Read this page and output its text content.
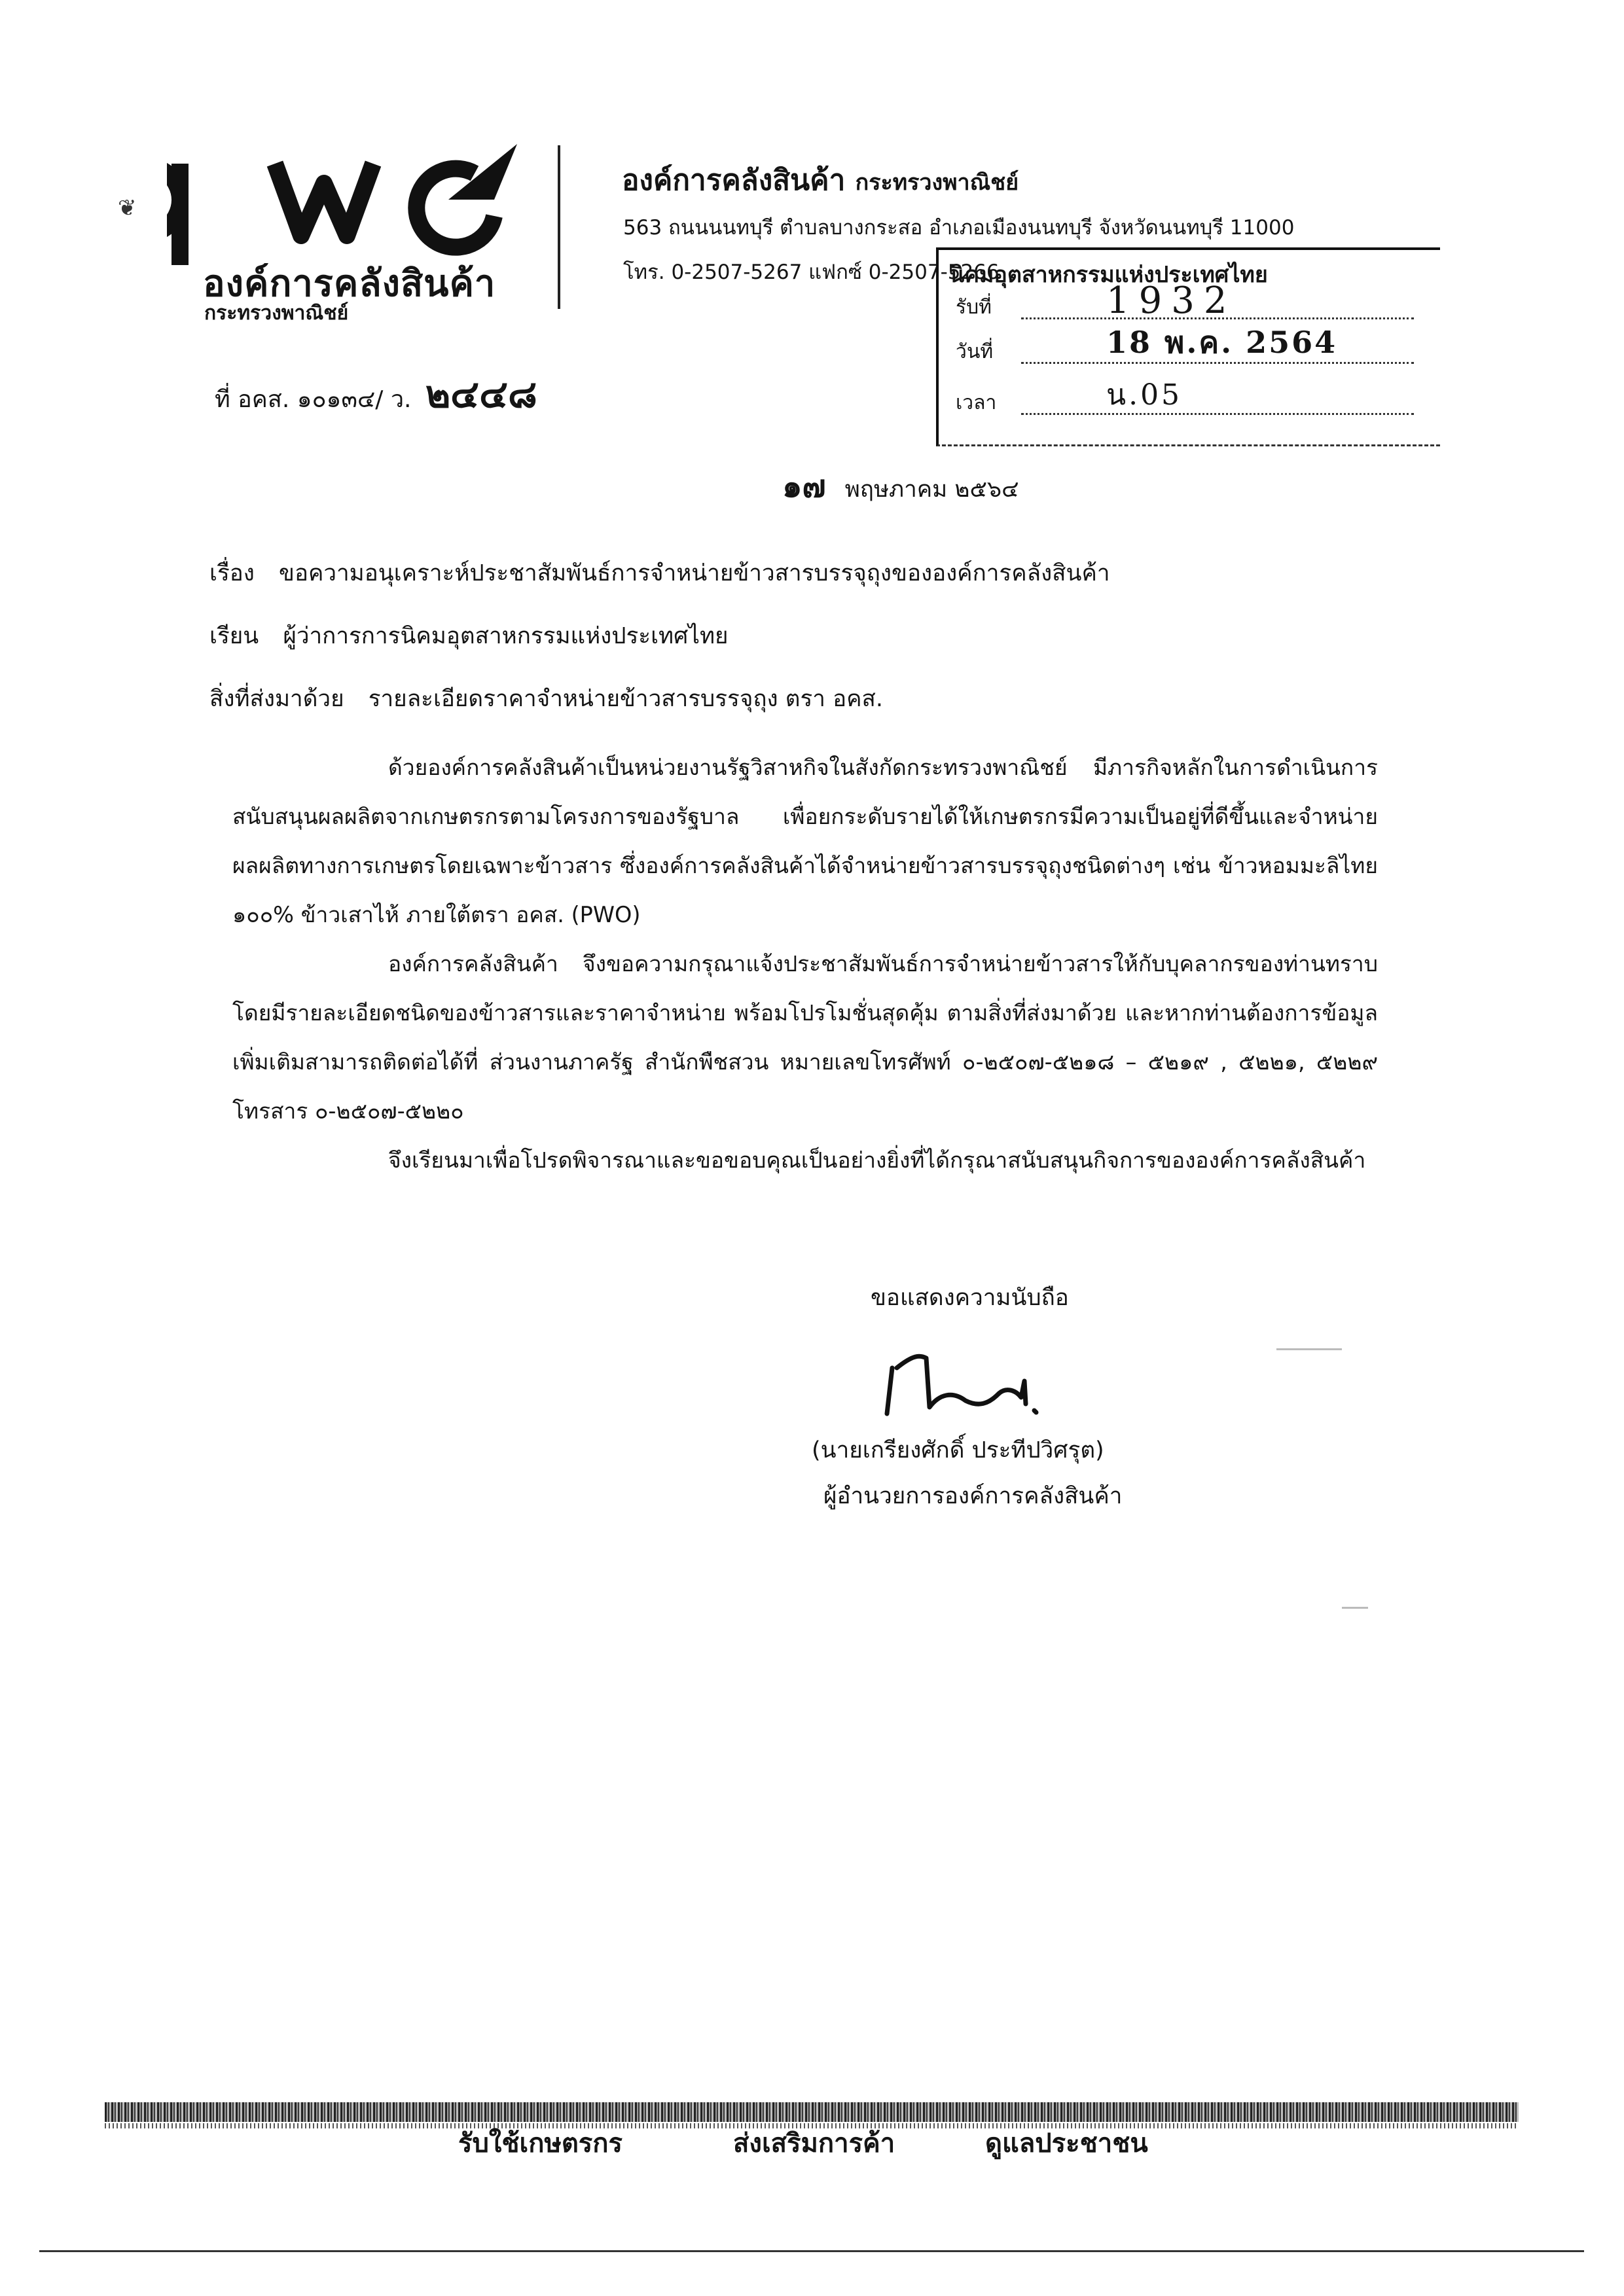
❦
องค์การคลังสินค้า
กระทรวงพาณิชย์
องค์การคลังสินค้า กระทรวงพาณิชย์
563 ถนนนนทบุรี ตำบลบางกระสอ อำเภอเมืองนนทบุรี จังหวัดนนทบุรี 11000
โทร. 0-2507-5267 แฟกซ์ 0-2507-5266
นิคมอุตสาหกรรมแห่งประเทศไทย
รับที่	1932
วันที่	18 พ.ค. 2564
เวลา	น.05
ที่ อคส. ๑๐๑๓๔/ ว. ๒๔๔๘
๑๗ พฤษภาคม ๒๕๖๔
เรื่อง ขอความอนุเคราะห์ประชาสัมพันธ์การจำหน่ายข้าวสารบรรจุถุงขององค์การคลังสินค้า
เรียน ผู้ว่าการการนิคมอุตสาหกรรมแห่งประเทศไทย
สิ่งที่ส่งมาด้วย รายละเอียดราคาจำหน่ายข้าวสารบรรจุถุง ตรา อคส.

ด้วยองค์การคลังสินค้าเป็นหน่วยงานรัฐวิสาหกิจในสังกัดกระทรวงพาณิชย์ มีภารกิจหลักในการดำเนินการสนับสนุนผลผลิตจากเกษตรกรตามโครงการของรัฐบาล เพื่อยกระดับรายได้ให้เกษตรกรมีความเป็นอยู่ที่ดีขึ้นและจำหน่ายผลผลิตทางการเกษตรโดยเฉพาะข้าวสาร ซึ่งองค์การคลังสินค้าได้จำหน่ายข้าวสารบรรจุถุงชนิดต่างๆ เช่น ข้าวหอมมะลิไทย ๑๐๐% ข้าวเสาไห้ ภายใต้ตรา อคส. (PWO)

องค์การคลังสินค้า จึงขอความกรุณาแจ้งประชาสัมพันธ์การจำหน่ายข้าวสารให้กับบุคลากรของท่านทราบ โดยมีรายละเอียดชนิดของข้าวสารและราคาจำหน่าย พร้อมโปรโมชั่นสุดคุ้ม ตามสิ่งที่ส่งมาด้วย และหากท่านต้องการข้อมูลเพิ่มเติมสามารถติดต่อได้ที่ ส่วนงานภาครัฐ สำนักพืชสวน หมายเลขโทรศัพท์ ๐-๒๕๐๗-๕๒๑๘ – ๕๒๑๙ , ๕๒๒๑, ๕๒๒๙ โทรสาร ๐-๒๕๐๗-๕๒๒๐

จึงเรียนมาเพื่อโปรดพิจารณาและขอขอบคุณเป็นอย่างยิ่งที่ได้กรุณาสนับสนุนกิจการขององค์การคลังสินค้า

ขอแสดงความนับถือ
(นายเกรียงศักดิ์ ประทีปวิศรุต)
ผู้อำนวยการองค์การคลังสินค้า
รับใช้เกษตรกร	ส่งเสริมการค้า	ดูแลประชาชน
